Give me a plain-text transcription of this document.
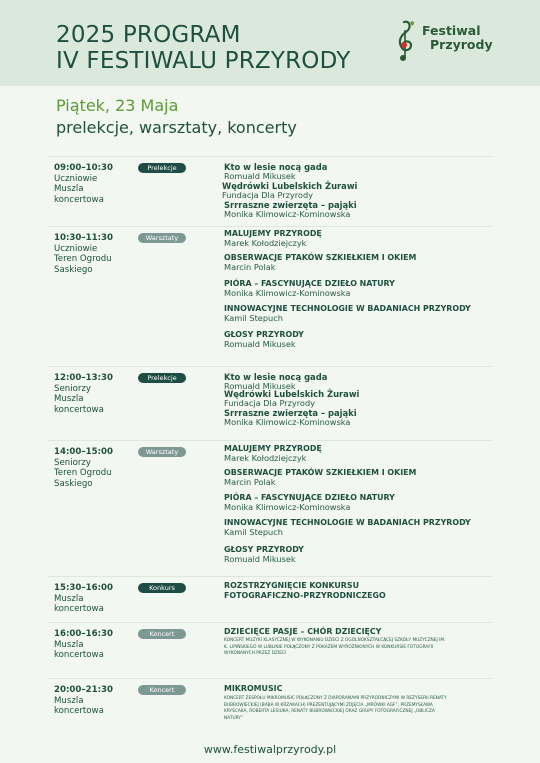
2025 PROGRAM
IV FESTIWALU PRZYRODY
Festiwal
Przyrody
Piątek, 23 Maja
prelekcje, warsztaty, koncerty
09:00–10:30
Uczniowie
Muszla
koncertowa
Prelekcje	Kto w lesie nocą gada
Romuald Mikusek
Wędrówki Lubelskich Żurawi
Fundacja Dla Przyrody
Srrraszne zwierzęta – pająki
Monika Klimowicz-Kominowska
10:30–11:30
Uczniowie
Teren Ogrodu
Saskiego
Warsztaty	MALUJEMY PRZYRODĘ
Marek Kołodziejczyk
OBSERWACJE PTAKÓW SZKIEŁKIEM I OKIEM
Marcin Polak
PIÓRA – FASCYNUJĄCE DZIEŁO NATURY
Monika Klimowicz-Kominowska
INNOWACYJNE TECHNOLOGIE W BADANIACH PRZYRODY
Kamil Stepuch
GŁOSY PRZYRODY
Romuald Mikusek
12:00–13:30
Seniorzy
Muszla
koncertowa
Prelekcje	Kto w lesie nocą gada
Romuald Mikusek
Wędrówki Lubelskich Żurawi
Fundacja Dla Przyrody
Srrraszne zwierzęta – pająki
Monika Klimowicz-Kominowska
14:00–15:00
Seniorzy
Teren Ogrodu
Saskiego
Warsztaty	MALUJEMY PRZYRODĘ
Marek Kołodziejczyk
OBSERWACJE PTAKÓW SZKIEŁKIEM I OKIEM
Marcin Polak
PIÓRA – FASCYNUJĄCE DZIEŁO NATURY
Monika Klimowicz-Kominowska
INNOWACYJNE TECHNOLOGIE W BADANIACH PRZYRODY
Kamil Stepuch
GŁOSY PRZYRODY
Romuald Mikusek
15:30–16:00
Muszla
koncertowa
Konkurs	ROZSTRZYGNIĘCIE KONKURSU
FOTOGRAFICZNO-PRZYRODNICZEGO
16:00–16:30
Muszla
koncertowa
Koncert	DZIECIĘCE PASJE – CHÓR DZIECIĘCY
KONCERT MUZYKI KLASYCZNEJ W WYKONANIU DZIECI Z OGÓLNOKSZTAŁCĄCEJ SZKOŁY MUZYCZNEJ IM. K. LIPIŃSKIEGO W LUBLINIE POŁĄCZONY Z POKAZEM WYRÓŻNIONYCH W KONKURSIE FOTOGRAFII WYKONANYCH PRZEZ DZIECI
20:00–21:30
Muszla
koncertowa
Koncert	MIKROMUSIC
KONCERT ZESPOŁU MIKROMUSIC POŁĄCZONY Z DIAPORAMAMI PRZYRODNICZYMI W REŻYSERII RENATY BUBROWIECKIEJ (BABA W KRZAKACH) PREZENTUJĄCYMI ZDJĘCIA „MRÓWKI AGF”, PRZEMYSŁAWA KRYŚCAKA, ROBERTA LESIUKA, RENATY BUBROWIECKIEJ ORAZ GRUPY FOTOGRAFICZNEJ „OBLICZA NATURY”
www.festiwalprzyrody.pl
